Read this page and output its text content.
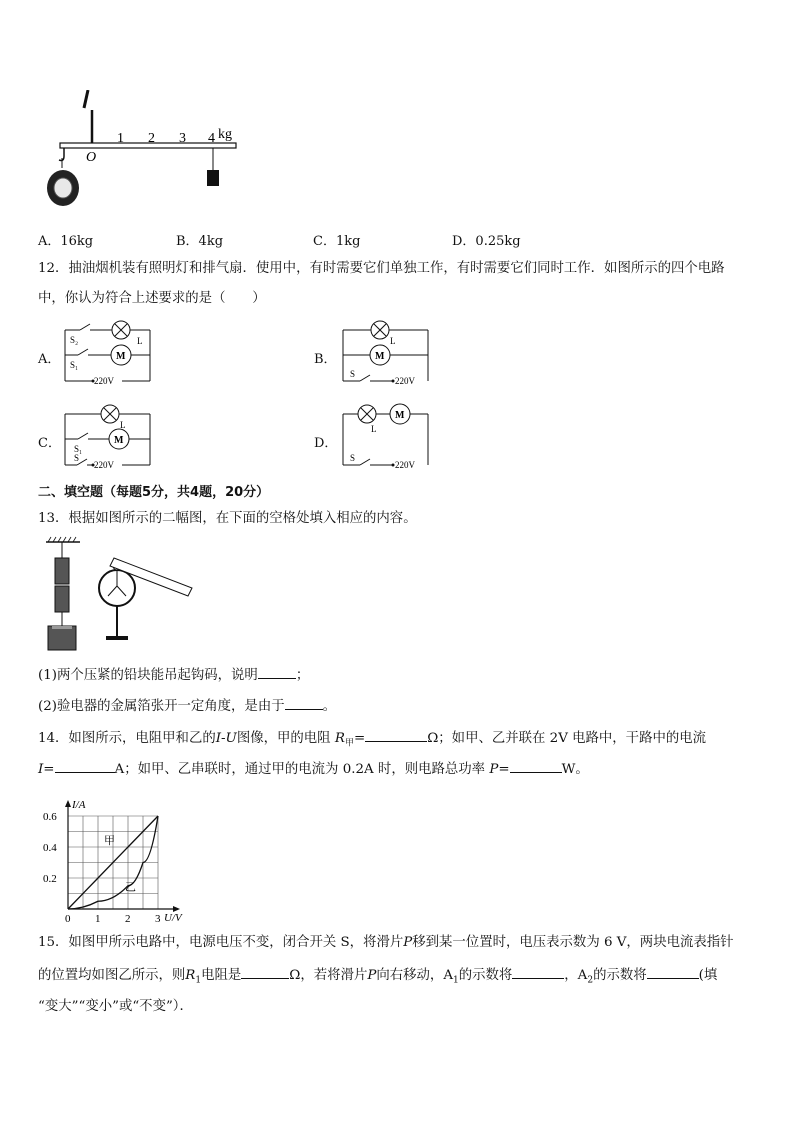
O
1 2 3 4 kg
A．16kg	B．4kg	C．1kg	D．0.25kg
12．抽油烟机装有照明灯和排气扇．使用中，有时需要它们单独工作，有时需要它们同时工作．如图所示的四个电路
中，你认为符合上述要求的是（　　）
A．	B．
C．	D．
M
S₂	L
S₁
220V
M
L
S
220V
M
L
S₁
S
220V
M
L
S
220V
二、填空题（每题5分，共4题，20分）
13．根据如图所示的二幅图，在下面的空格处填入相应的内容。
(1)两个压紧的铅块能吊起钩码，说明	；
(2)验电器的金属箔张开一定角度，是由于	。
14．如图所示，电阻甲和乙的I-U图像，甲的电阻 $R_甲=$	Ω；如甲、乙并联在 2V 电路中，干路中的电流
I=	A；如甲、乙串联时，通过甲的电流为 0.2A 时，则电路总功率 P=	W。
0 1 2 3
0.2
0.4
0.6
U/V
I/A
甲
乙
15．如图甲所示电路中，电源电压不变，闭合开关 S，将滑片P移到某一位置时，电压表示数为 6 V，两块电流表指针
的位置均如图乙所示，则$R_1$电阻是	Ω，若将滑片P向右移动，$A_1$的示数将	，$A_2$的示数将	(填
“变大”“变小”或“不变”）．
